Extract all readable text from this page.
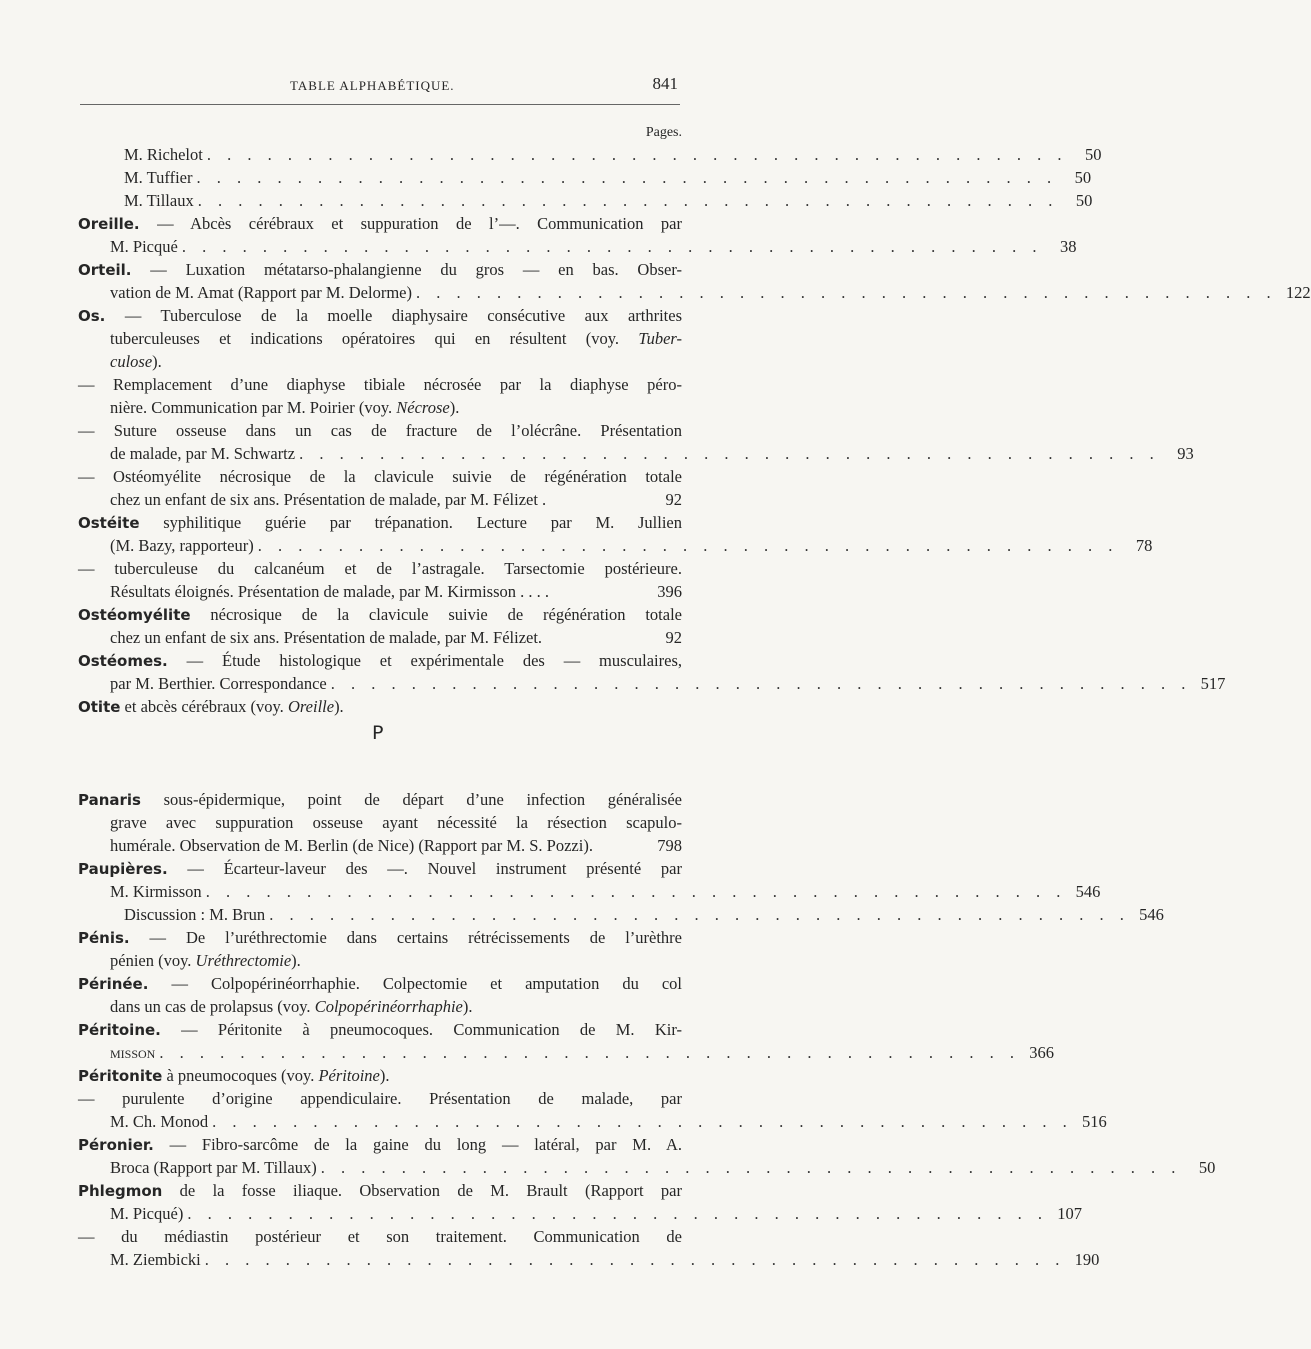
TABLE ALPHABÉTIQUE.	841
Pages.
M. Richelot . . . . . . . . . . . . . . . . . . . . . . . . . . . . . . . . . . . . . . . . . . .	50
M. Tuffier . . . . . . . . . . . . . . . . . . . . . . . . . . . . . . . . . . . . . . . . . . .	50
M. Tillaux . . . . . . . . . . . . . . . . . . . . . . . . . . . . . . . . . . . . . . . . . . .	50
Oreille. — Abcès cérébraux et suppuration de l’—. Communication par
M. Picqué . . . . . . . . . . . . . . . . . . . . . . . . . . . . . . . . . . . . . . . . . . .	38
Orteil. — Luxation métatarso-phalangienne du gros — en bas. Obser-
vation de M. Amat (Rapport par M. Delorme) . . . . . . . . . . . . . . . . . . . . . . . . . . . . . . . . . . . . . . . . . . . 122
Os. — Tuberculose de la moelle diaphysaire consécutive aux arthrites
tuberculeuses et indications opératoires qui en résultent (voy. Tuber-
culose).
— Remplacement d’une diaphyse tibiale nécrosée par la diaphyse péro-
nière. Communication par M. Poirier (voy. Nécrose).
— Suture osseuse dans un cas de fracture de l’olécrâne. Présentation
de malade, par M. Schwartz . . . . . . . . . . . . . . . . . . . . . . . . . . . . . . . . . . . . . . . . . . .	93
— Ostéomyélite nécrosique de la clavicule suivie de régénération totale
chez un enfant de six ans. Présentation de malade, par M. Félizet .	92
Ostéite syphilitique guérie par trépanation. Lecture par M. Jullien
(M. Bazy, rapporteur) . . . . . . . . . . . . . . . . . . . . . . . . . . . . . . . . . . . . . . . . . . .	78
— tuberculeuse du calcanéum et de l’astragale. Tarsectomie postérieure.
Résultats éloignés. Présentation de malade, par M. Kirmisson . . . .	396
Ostéomyélite nécrosique de la clavicule suivie de régénération totale
chez un enfant de six ans. Présentation de malade, par M. Félizet.	92
Ostéomes. — Étude histologique et expérimentale des — musculaires,
par M. Berthier. Correspondance . . . . . . . . . . . . . . . . . . . . . . . . . . . . . . . . . . . . . . . . . . . 517
Otite et abcès cérébraux (voy. Oreille).
P
Panaris sous-épidermique, point de départ d’une infection généralisée
grave avec suppuration osseuse ayant nécessité la résection scapulo-
humérale. Observation de M. Berlin (de Nice) (Rapport par M. S. Pozzi).	798
Paupières. — Écarteur-laveur des —. Nouvel instrument présenté par
M. Kirmisson . . . . . . . . . . . . . . . . . . . . . . . . . . . . . . . . . . . . . . . . . . . 546
Discussion : M. Brun . . . . . . . . . . . . . . . . . . . . . . . . . . . . . . . . . . . . . . . . . . . 546
Pénis. — De l’uréthrectomie dans certains rétrécissements de l’urèthre
pénien (voy. Uréthrectomie).
Périnée. — Colpopérinéorrhaphie. Colpectomie et amputation du col
dans un cas de prolapsus (voy. Colpopérinéorrhaphie).
Péritoine. — Péritonite à pneumocoques. Communication de M. Kir-
misson . . . . . . . . . . . . . . . . . . . . . . . . . . . . . . . . . . . . . . . . . . . 366
Péritonite à pneumocoques (voy. Péritoine).
— purulente d’origine appendiculaire. Présentation de malade, par
M. Ch. Monod . . . . . . . . . . . . . . . . . . . . . . . . . . . . . . . . . . . . . . . . . . . 516
Péronier. — Fibro-sarcôme de la gaine du long — latéral, par M. A.
Broca (Rapport par M. Tillaux) . . . . . . . . . . . . . . . . . . . . . . . . . . . . . . . . . . . . . . . . . . .	50
Phlegmon de la fosse iliaque. Observation de M. Brault (Rapport par
M. Picqué) . . . . . . . . . . . . . . . . . . . . . . . . . . . . . . . . . . . . . . . . . . . 107
— du médiastin postérieur et son traitement. Communication de
M. Ziembicki . . . . . . . . . . . . . . . . . . . . . . . . . . . . . . . . . . . . . . . . . . . 190
